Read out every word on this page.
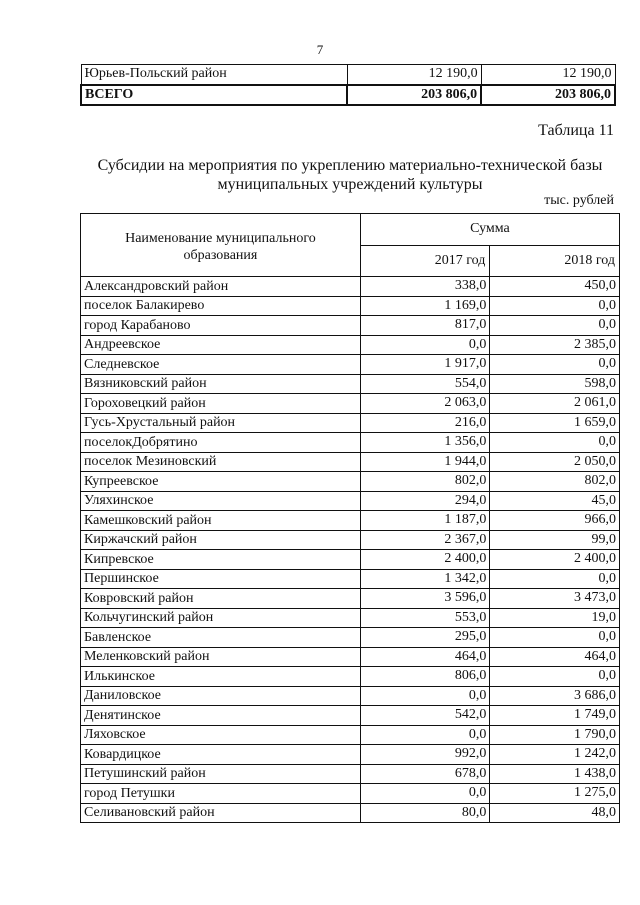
7
Юрьев-Польский район	12 190,0	12 190,0
ВСЕГО	203 806,0	203 806,0
Таблица 11
Субсидии на мероприятия по укреплению материально-технической базы
муниципальных учреждений культуры
тыс. рублей
Наименование муниципального
образования	Сумма	
	2017 год	2018 год
Александровский район	338,0	450,0
поселок Балакирево	1 169,0	0,0
город Карабаново	817,0	0,0
Андреевское	0,0	2 385,0
Следневское	1 917,0	0,0
Вязниковский район	554,0	598,0
Гороховецкий район	2 063,0	2 061,0
Гусь-Хрустальный район	216,0	1 659,0
поселокДобрятино	1 356,0	0,0
поселок Мезиновский	1 944,0	2 050,0
Купреевское	802,0	802,0
Уляхинское	294,0	45,0
Камешковский район	1 187,0	966,0
Киржачский район	2 367,0	99,0
Кипревское	2 400,0	2 400,0
Першинское	1 342,0	0,0
Ковровский район	3 596,0	3 473,0
Кольчугинский район	553,0	19,0
Бавленское	295,0	0,0
Меленковский район	464,0	464,0
Илькинское	806,0	0,0
Даниловское	0,0	3 686,0
Денятинское	542,0	1 749,0
Ляховское	0,0	1 790,0
Ковардицкое	992,0	1 242,0
Петушинский район	678,0	1 438,0
город Петушки	0,0	1 275,0
Селивановский район	80,0	48,0
